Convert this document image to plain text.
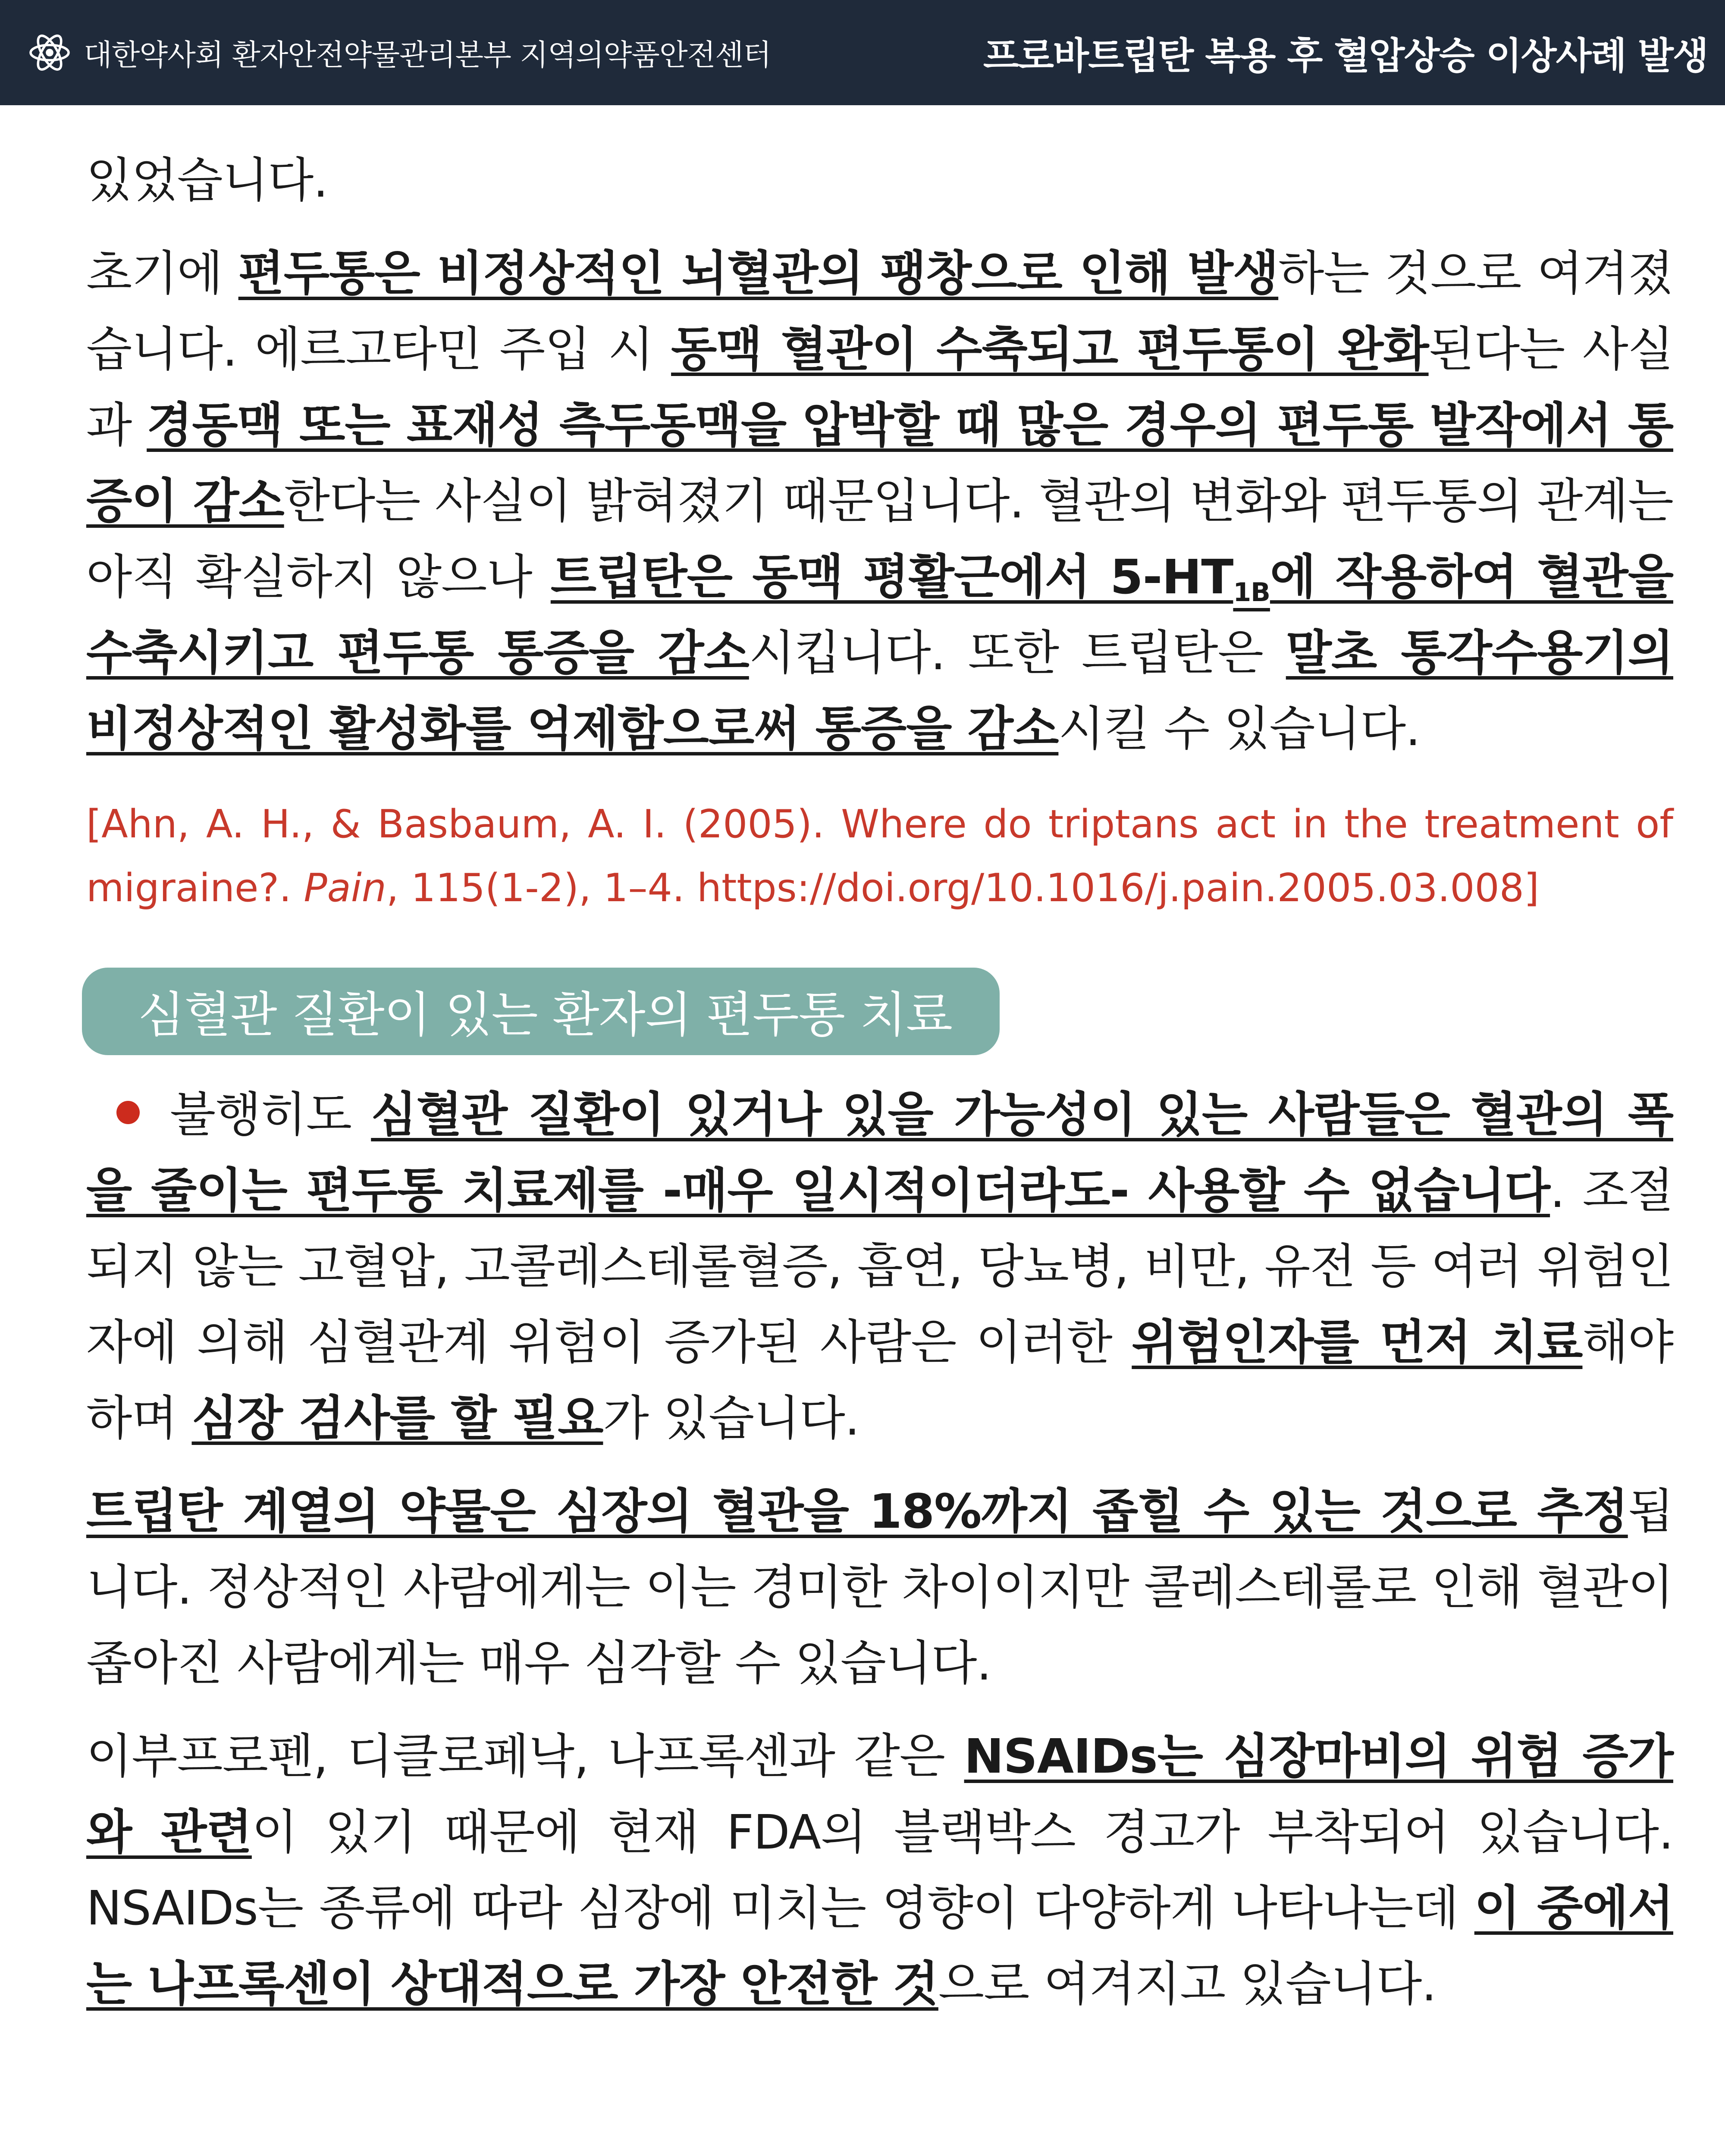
대한약사회 환자안전약물관리본부 지역의약품안전센터	프로바트립탄 복용 후 혈압상승 이상사례 발생

있었습니다.

초기에 편두통은 비정상적인 뇌혈관의 팽창으로 인해 발생하는 것으로 여겨졌습니다. 에르고타민 주입 시 동맥 혈관이 수축되고 편두통이 완화된다는 사실과 경동맥 또는 표재성 측두동맥을 압박할 때 많은 경우의 편두통 발작에서 통증이 감소한다는 사실이 밝혀졌기 때문입니다. 혈관의 변화와 편두통의 관계는 아직 확실하지 않으나 트립탄은 동맥 평활근에서 $5-HT_{1B}$에 작용하여 혈관을 수축시키고 편두통 통증을 감소시킵니다. 또한 트립탄은 말초 통각수용기의 비정상적인 활성화를 억제함으로써 통증을 감소시킬 수 있습니다.

[Ahn, A. H., & Basbaum, A. I. (2005). Where do triptans act in the treatment of migraine?. Pain, 115(1-2), 1–4. https://doi.org/10.1016/j.pain.2005.03.008]

심혈관 질환이 있는 환자의 편두통 치료

불행히도 심혈관 질환이 있거나 있을 가능성이 있는 사람들은 혈관의 폭을 줄이는 편두통 치료제를 -매우 일시적이더라도- 사용할 수 없습니다. 조절되지 않는 고혈압, 고콜레스테롤혈증, 흡연, 당뇨병, 비만, 유전 등 여러 위험인자에 의해 심혈관계 위험이 증가된 사람은 이러한 위험인자를 먼저 치료해야 하며 심장 검사를 할 필요가 있습니다.

트립탄 계열의 약물은 심장의 혈관을 18%까지 좁힐 수 있는 것으로 추정됩니다. 정상적인 사람에게는 이는 경미한 차이이지만 콜레스테롤로 인해 혈관이 좁아진 사람에게는 매우 심각할 수 있습니다.

이부프로펜, 디클로페낙, 나프록센과 같은 NSAIDs는 심장마비의 위험 증가와 관련이 있기 때문에 현재 FDA의 블랙박스 경고가 부착되어 있습니다. NSAIDs는 종류에 따라 심장에 미치는 영향이 다양하게 나타나는데 이 중에서는 나프록센이 상대적으로 가장 안전한 것으로 여겨지고 있습니다.
